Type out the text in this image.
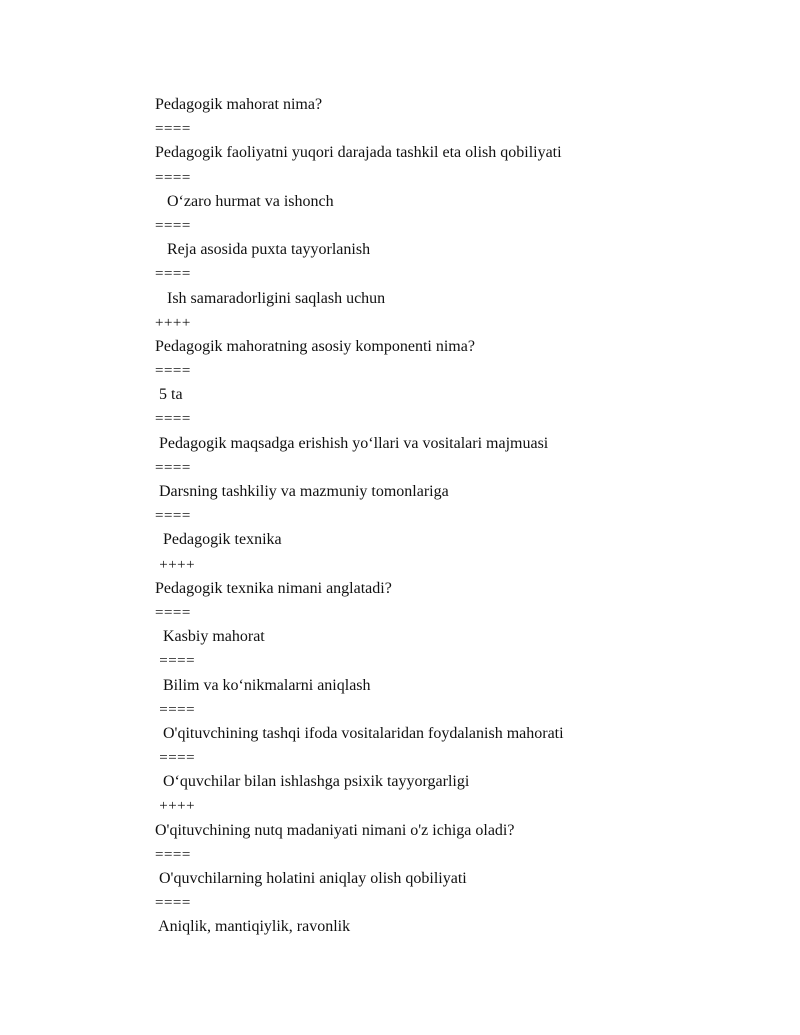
Pedagogik mahorat nima?
====
Pedagogik faoliyatni yuqori darajada tashkil eta olish qobiliyati
====
O‘zaro hurmat va ishonch
====
Reja asosida puxta tayyorlanish
====
Ish samaradorligini saqlash uchun
++++
Pedagogik mahoratning asosiy komponenti nima?
====
5 ta
====
Pedagogik maqsadga erishish yo‘llari va vositalari majmuasi
====
Darsning tashkiliy va mazmuniy tomonlariga
====
Pedagogik texnika
++++
Pedagogik texnika nimani anglatadi?
====
Kasbiy mahorat
====
Bilim va ko‘nikmalarni aniqlash
====
O'qituvchining tashqi ifoda vositalaridan foydalanish mahorati
====
O‘quvchilar bilan ishlashga psixik tayyorgarligi
++++
O'qituvchining nutq madaniyati nimani o'z ichiga oladi?
====
O'quvchilarning holatini aniqlay olish qobiliyati
====
Aniqlik, mantiqiylik, ravonlik
